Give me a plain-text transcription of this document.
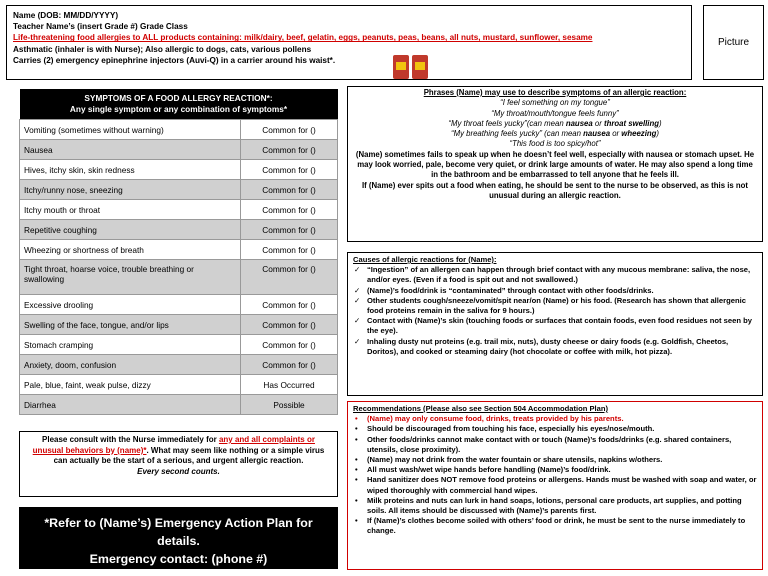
Name (DOB: MM/DD/YYYY)
Teacher Name’s (insert Grade #) Grade Class
Life-threatening food allergies to ALL products containing: milk/dairy, beef, gelatin, eggs, peanuts, peas, beans, all nuts, mustard, sunflower, sesame
Asthmatic (inhaler is with Nurse); Also allergic to dogs, cats, various pollens
Carries (2) emergency epinephrine injectors (Auvi-Q) in a carrier around his waist*.
Picture
SYMPTOMS OF A FOOD ALLERGY REACTION*:
Any single symptom or any combination of symptoms*	

Vomiting (sometimes without warning)	Common for ()
Nausea	Common for ()
Hives, itchy skin, skin redness	Common for ()
Itchy/runny nose, sneezing	Common for ()
Itchy mouth or throat	Common for ()
Repetitive coughing	Common for ()
Wheezing or shortness of breath	Common for ()
Tight throat, hoarse voice, trouble breathing or swallowing	Common for ()
Excessive drooling	Common for ()
Swelling of the face, tongue, and/or lips	Common for ()
Stomach cramping	Common for ()
Anxiety, doom, confusion	Common for ()
Pale, blue, faint, weak pulse, dizzy	Has Occurred
Diarrhea	Possible
Please consult with the Nurse immediately for any and all complaints or unusual behaviors by (name)*. What may seem like nothing or a simple virus can actually be the start of a serious, and urgent allergic reaction.
Every second counts.
*Refer to (Name’s) Emergency Action Plan for details.
Emergency contact: (phone #)
Phrases (Name) may use to describe symptoms of an allergic reaction:
“I feel something on my tongue”
“My throat/mouth/tongue feels funny”
“My throat feels yucky”(can mean nausea or throat swelling)
“My breathing feels yucky” (can mean nausea or wheezing)
“This food is too spicy/hot”
(Name) sometimes fails to speak up when he doesn’t feel well, especially with nausea or stomach upset. He may look worried, pale, become very quiet, or drink large amounts of water. He may also spend a long time in the bathroom and be embarrassed to tell anyone that he feels ill.
If (Name) ever spits out a food when eating, he should be sent to the nurse to be observed, as this is not unusual during an allergic reaction.
Causes of allergic reactions for (Name):
✓ “Ingestion” of an allergen can happen through brief contact with any mucous membrane: saliva, the nose, and/or eyes. (Even if a food is spit out and not swallowed.)
✓ (Name)’s food/drink is “contaminated” through contact with other foods/drinks.
✓ Other students cough/sneeze/vomit/spit near/on (Name) or his food. (Research has shown that allergenic food proteins remain in the saliva for 9 hours.)
✓ Contact with (Name)’s skin (touching foods or surfaces that contain foods, even food residues not seen by the eye).
✓ Inhaling dusty nut proteins (e.g. trail mix, nuts), dusty cheese or dairy foods (e.g. Goldfish, Cheetos, Doritos), and cooked or steaming dairy (hot chocolate or coffee with milk, hot pizza).
Recommendations (Please also see Section 504 Accommodation Plan)
• (Name) may only consume food, drinks, treats provided by his parents.
• Should be discouraged from touching his face, especially his eyes/nose/mouth.
• Other foods/drinks cannot make contact with or touch (Name)’s foods/drinks (e.g. shared containers, utensils, close proximity).
• (Name) may not drink from the water fountain or share utensils, napkins w/others.
• All must wash/wet wipe hands before handling (Name)’s food/drink.
• Hand sanitizer does NOT remove food proteins or allergens. Hands must be washed with soap and water, or wiped thoroughly with commercial hand wipes.
• Milk proteins and nuts can lurk in hand soaps, lotions, personal care products, art supplies, and potting soils. All items should be discussed with (Name)’s parents first.
• If (Name)’s clothes become soiled with others’ food or drink, he must be sent to the nurse immediately to change.
